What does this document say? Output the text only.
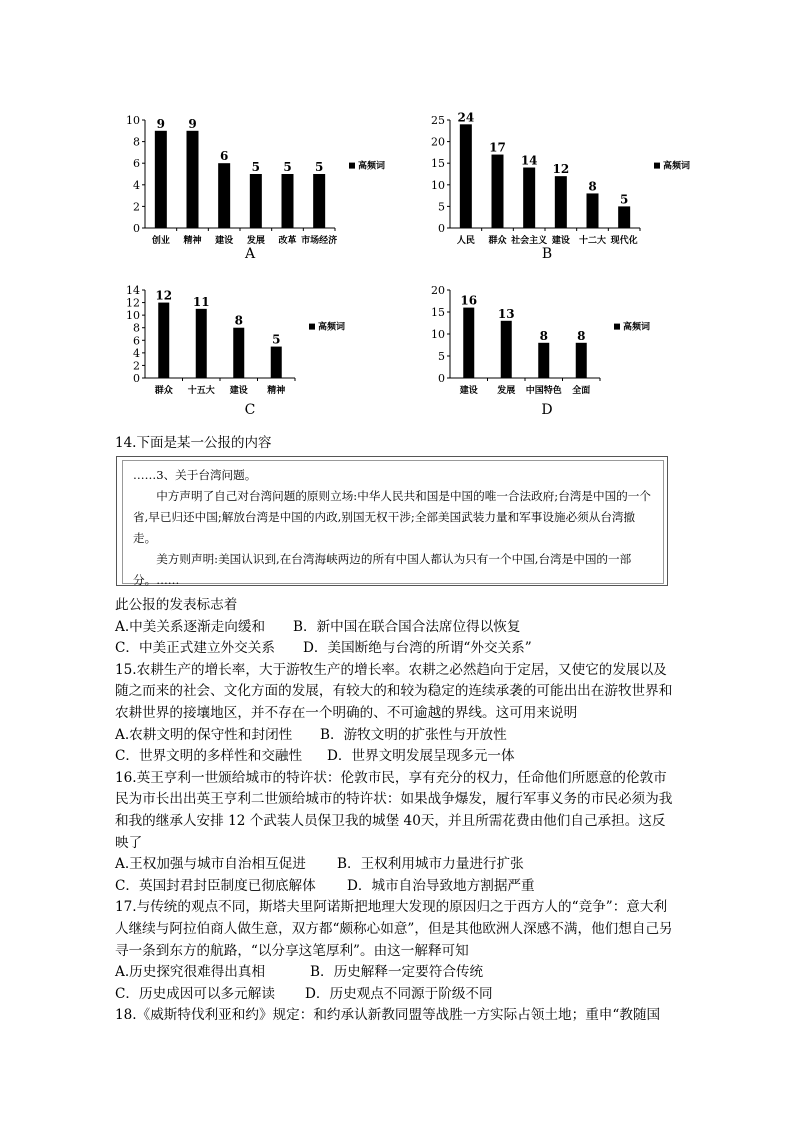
0
2
4
6
8
10 9
创业
9
精神
6
建设
5
发展
5
改革
5
市场经济
高频词
A
0
5
10
15
20
25 24
人民
17
群众
14
社会主义
12
建设
8
十二大
5
现代化
高频词
B
0
2
4
6
8
10
12
14 12
群众
11
十五大
8
建设
5
精神
高频词
C
0
5
10
15
20
16
建设
13
发展
8
中国特色
8
全面
高频词
D
14.下面是某一公报的内容

……3、关于台湾问题。

中方声明了自己对台湾问题的原则立场:中华人民共和国是中国的唯一合法政府;台湾是中国的一个省,早已归还中国;解放台湾是中国的内政,别国无权干涉;全部美国武装力量和军事设施必须从台湾撤走。

美方则声明:美国认识到,在台湾海峡两边的所有中国人都认为只有一个中国,台湾是中国的一部分。……

此公报的发表标志着

A.中美关系逐渐走向缓和	B．新中国在联合国合法席位得以恢复
C．中美正式建立外交关系	D．美国断绝与台湾的所谓“外交关系”

15.农耕生产的增长率，大于游牧生产的增长率。农耕之必然趋向于定居，又使它的发展以及随之而来的社会、文化方面的发展，有较大的和较为稳定的连续承袭的可能出出在游牧世界和农耕世界的接壤地区，并不存在一个明确的、不可逾越的界线。这可用来说明

A.农耕文明的保守性和封闭性	B．游牧文明的扩张性与开放性
C．世界文明的多样性和交融性	D．世界文明发展呈现多元一体

16.英王亨利一世颁给城市的特许状：伦敦市民，享有充分的权力，任命他们所愿意的伦敦市民为市长出出英王亨利二世颁给城市的特许状：如果战争爆发，履行军事义务的市民必须为我和我的继承人安排 12 个武装人员保卫我的城堡 40天，并且所需花费由他们自己承担。这反映了

A.王权加强与城市自治相互促进	B．王权利用城市力量进行扩张
C．英国封君封臣制度已彻底解体	D．城市自治导致地方割据严重

17.与传统的观点不同，斯塔夫里阿诺斯把地理大发现的原因归之于西方人的“竞争”：意大利人继续与阿拉伯商人做生意，双方都“颇称心如意”，但是其他欧洲人深感不满，他们想自己另寻一条到东方的航路，“以分享这笔厚利”。由这一解释可知

A.历史探究很难得出真相	B．历史解释一定要符合传统
C．历史成因可以多元解读	D．历史观点不同源于阶级不同

18.《威斯特伐利亚和约》规定：和约承认新教同盟等战胜一方实际占领土地；重申“教随国
